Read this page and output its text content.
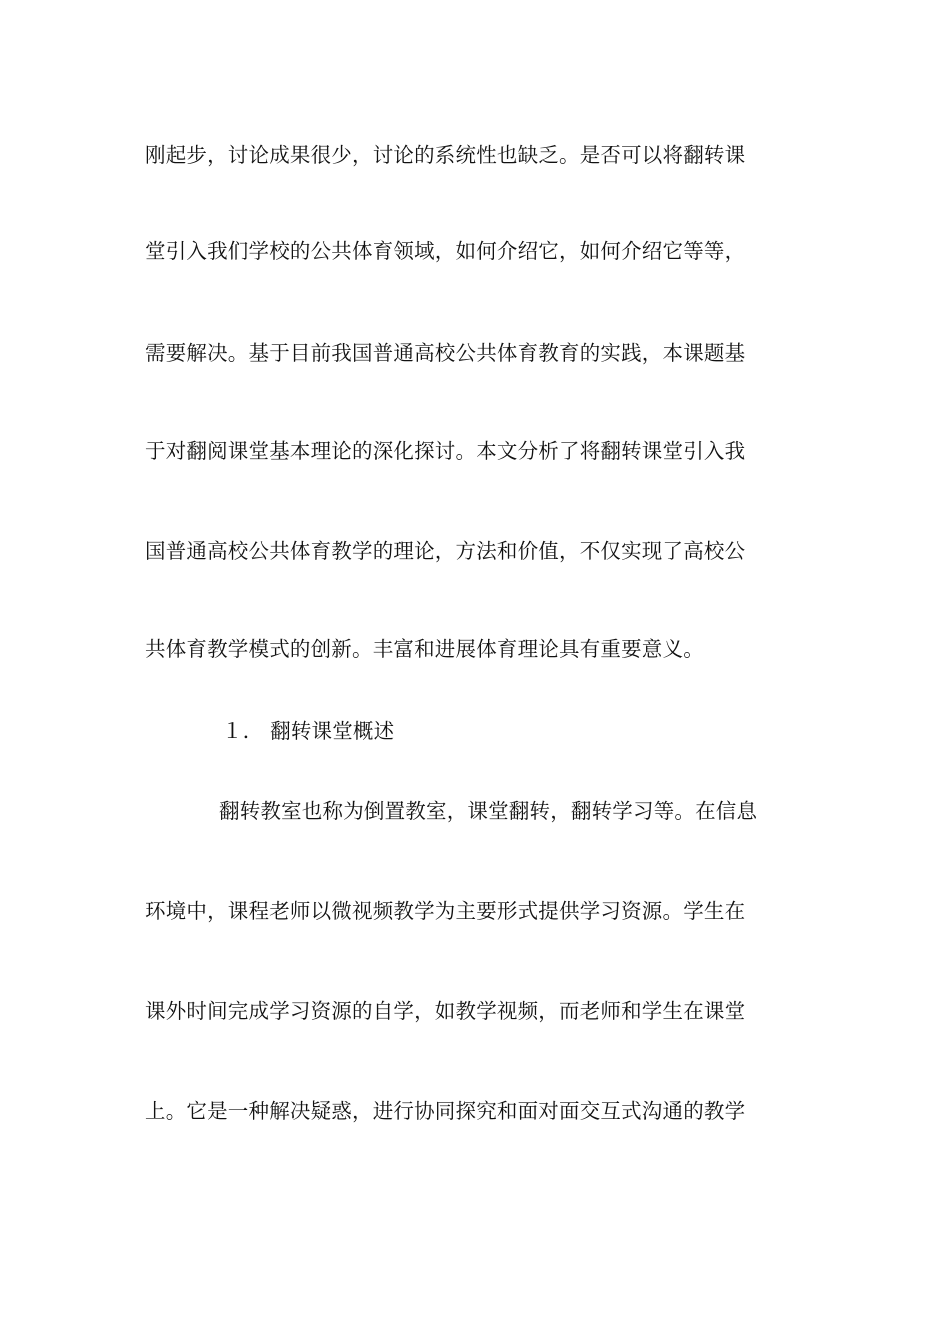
刚起步，讨论成果很少，讨论的系统性也缺乏。是否可以将翻转课
堂引入我们学校的公共体育领域，如何介绍它，如何介绍它等等，
需要解决。基于目前我国普通高校公共体育教育的实践，本课题基
于对翻阅课堂基本理论的深化探讨。本文分析了将翻转课堂引入我
国普通高校公共体育教学的理论，方法和价值，不仅实现了高校公
共体育教学模式的创新。丰富和进展体育理论具有重要意义。
１． 翻转课堂概述
翻转教室也称为倒置教室，课堂翻转，翻转学习等。在信息
环境中，课程老师以微视频教学为主要形式提供学习资源。学生在
课外时间完成学习资源的自学，如教学视频，而老师和学生在课堂
上。它是一种解决疑惑，进行协同探究和面对面交互式沟通的教学
